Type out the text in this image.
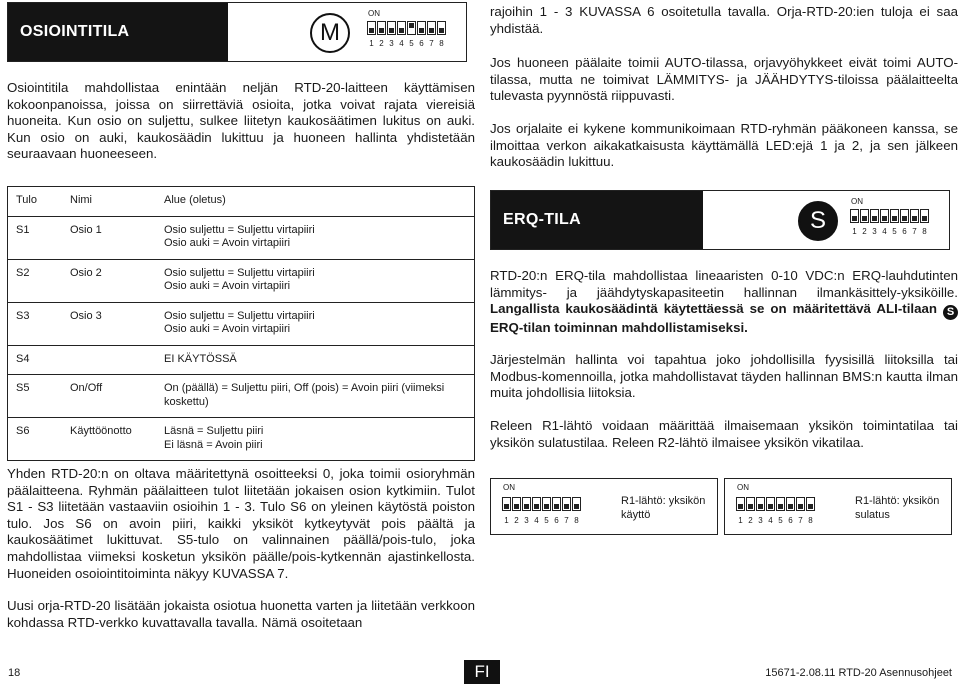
OSIOINTITILA	M
ON
1 2 3 4 5 6 7 8

Osiointitila mahdollistaa enintään neljän RTD-20-laitteen käyttämisen kokoonpanoissa, joissa on siirrettäviä osioita, jotka voivat rajata viereisiä huoneita. Kun osio on suljettu, sulkee liitetyn kaukosäätimen lukitus on auki. Kun osio on auki, kaukosäädin lukittuu ja huoneen hallinta yhdistetään seuraavaan huoneeseen.

Tulo	Nimi	Alue (oletus)
S1	Osio 1	Osio suljettu = Suljettu virtapiiri
Osio auki = Avoin virtapiiri

S2	Osio 2	Osio suljettu = Suljettu virtapiiri
Osio auki = Avoin virtapiiri

S3	Osio 3	Osio suljettu = Suljettu virtapiiri
Osio auki = Avoin virtapiiri

S4		EI KÄYTÖSSÄ

S5	On/Off	On (päällä) = Suljettu piiri, Off (pois) = Avoin piiri (viimeksi
koskettu)

S6	Käyttöönotto	Läsnä = Suljettu piiri
Ei läsnä = Avoin piiri

Yhden RTD-20:n on oltava määritettynä osoitteeksi 0, joka toimii osioryhmän päälaitteena. Ryhmän päälaitteen tulot liitetään jokaisen osion kytkimiin. Tulot S1 - S3 liitetään vastaaviin osioihin 1 - 3. Tulo S6 on yleinen käytöstä poiston tulo. Jos S6 on avoin piiri, kaikki yksiköt kytkeytyvät pois päältä ja kaukosäätimet lukittuvat. S5-tulo on valinnainen päällä/pois-tulo, joka mahdollistaa viimeksi kosketun yksikön päälle/pois-kytkennän ajastinkellosta. Huoneiden osoiointitoiminta näkyy KUVASSA 7.

Uusi orja-RTD-20 lisätään jokaista osiotua huonetta varten ja liitetään verkkoon kohdassa RTD-verkko kuvattavalla tavalla. Nämä osoitetaan

rajoihin 1 - 3 KUVASSA 6 osoitetulla tavalla. Orja-RTD-20:ien tuloja ei saa yhdistää.

Jos huoneen päälaite toimii AUTO-tilassa, orjavyöhykkeet eivät toimi AUTO-tilassa, mutta ne toimivat LÄMMITYS- ja JÄÄHDYTYS-tiloissa päälaitteelta tulevasta pyynnöstä riippuvasti.

Jos orjalaite ei kykene kommunikoimaan RTD-ryhmän pääkoneen kanssa, se ilmoittaa verkon aikakatkaisusta käyttämällä LED:ejä 1 ja 2, ja sen jälkeen kaukosäädin lukittuu.

ERQ-TILA	S
ON
1 2 3 4 5 6 7 8
RTD-20:n ERQ-tila mahdollistaa lineaaristen 0-10 VDC:n ERQ-lauhdutinten lämmitys- ja jäähdytyskapasiteetin hallinnan ilmankäsittely-yksiköille. Langallista kaukosäädintä käytettäessä se on määritettävä ALI-tilaan S
ERQ-tilan toiminnan mahdollistamiseksi.

Järjestelmän hallinta voi tapahtua joko johdollisilla fyysisillä liitoksilla tai Modbus-komennoilla, jotka mahdollistavat täyden hallinnan BMS:n kautta ilman muita johdollisia liitoksia.

Releen R1-lähtö voidaan määrittää ilmaisemaan yksikön toimintatilaa tai yksikön sulatustilaa. Releen R2-lähtö ilmaisee yksikön vikatilaa.

ON
1 2 3 4 5 6 7 8
R1-lähtö: yksikön
käyttö
ON
1 2 3 4 5 6 7 8
R1-lähtö: yksikön
sulatus
18	FI	15671-2.08.11 RTD-20 Asennusohjeet
